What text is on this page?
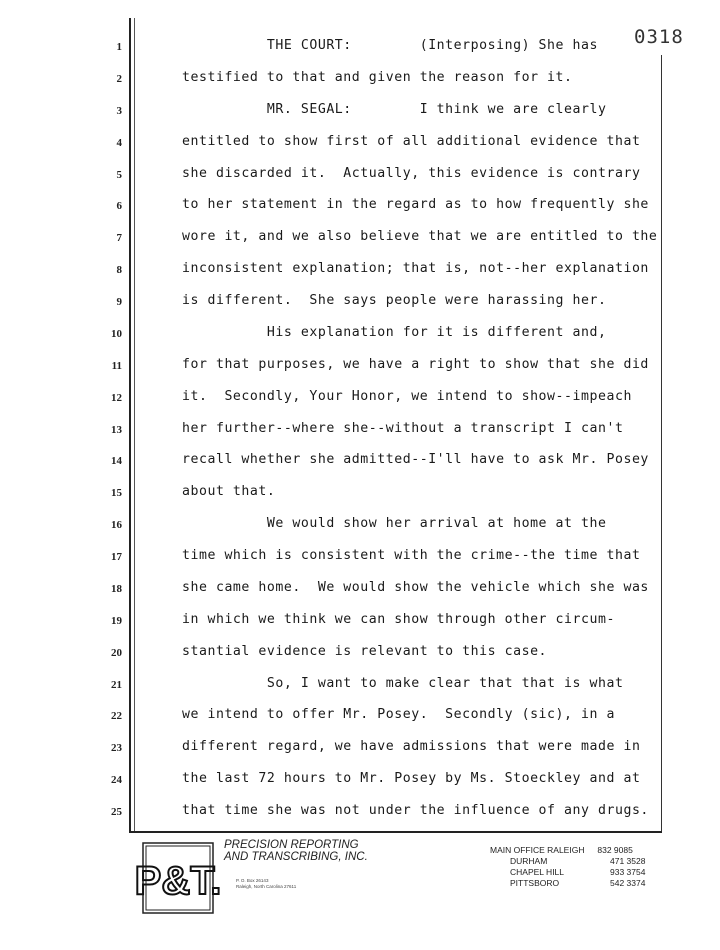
0318
1	THE COURT:        (Interposing) She has
2	testified to that and given the reason for it.
3	MR. SEGAL:        I think we are clearly
4	entitled to show first of all additional evidence that
5	she discarded it.  Actually, this evidence is contrary
6	to her statement in the regard as to how frequently she
7	wore it, and we also believe that we are entitled to the
8	inconsistent explanation; that is, not--her explanation
9	is different.  She says people were harassing her.
10	His explanation for it is different and,
11	for that purposes, we have a right to show that she did
12	it.  Secondly, Your Honor, we intend to show--impeach
13	her further--where she--without a transcript I can't
14	recall whether she admitted--I'll have to ask Mr. Posey
15	about that.
16	We would show her arrival at home at the
17	time which is consistent with the crime--the time that
18	she came home.  We would show the vehicle which she was
19	in which we think we can show through other circum-
20	stantial evidence is relevant to this case.
21	So, I want to make clear that that is what
22	we intend to offer Mr. Posey.  Secondly (sic), in a
23	different regard, we have admissions that were made in
24	the last 72 hours to Mr. Posey by Ms. Stoeckley and at
25	that time she was not under the influence of any drugs.
P&T.
PRECISION REPORTING
AND TRANSCRIBING, INC.
P. O. Box 26143
Raleigh, North Carolina 27611
MAIN OFFICE RALEIGH	832 9085
DURHAM	471 3528
CHAPEL HILL	933 3754
PITTSBORO	542 3374
